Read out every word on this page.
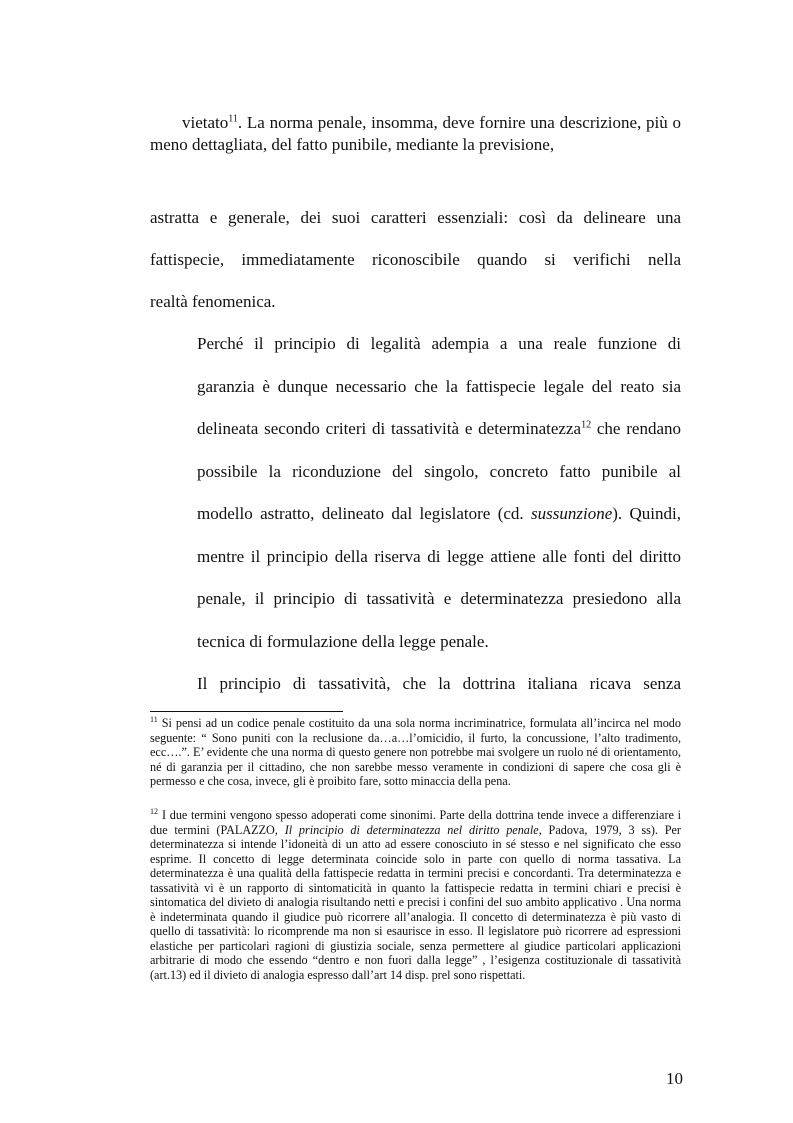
vietato$^{11}$. La norma penale, insomma, deve fornire una descrizione, più o meno dettagliata, del fatto punibile, mediante la previsione,
astratta e generale, dei suoi caratteri essenziali: così da delineare una
fattispecie, immediatamente riconoscibile quando si verifichi nella
realtà fenomenica.
Perché il principio di legalità adempia a una reale funzione di
garanzia è dunque necessario che la fattispecie legale del reato sia
delineata secondo criteri di tassatività e determinatezza$^{12}$ che rendano
possibile la riconduzione del singolo, concreto fatto punibile al
modello astratto, delineato dal legislatore (cd. sussunzione). Quindi,
mentre il principio della riserva di legge attiene alle fonti del diritto
penale, il principio di tassatività e determinatezza presiedono alla
tecnica di formulazione della legge penale.
Il principio di tassatività, che la dottrina italiana ricava senza
$^{11}$ Si pensi ad un codice penale costituito da una sola norma incriminatrice, formulata all’incirca nel modo seguente: “ Sono puniti con la reclusione da…a…l’omicidio, il furto, la concussione, l’alto tradimento, ecc….”. E’ evidente che una norma di questo genere non potrebbe mai svolgere un ruolo né di orientamento, né di garanzia per il cittadino, che non sarebbe messo veramente in condizioni di sapere che cosa gli è permesso e che cosa, invece, gli è proibito fare, sotto minaccia della pena.
$^{12}$ I due termini vengono spesso adoperati come sinonimi. Parte della dottrina tende invece a differenziare i due termini (PALAZZO, Il principio di determinatezza nel diritto penale, Padova, 1979, 3 ss). Per determinatezza si intende l’idoneità di un atto ad essere conosciuto in sé stesso e nel significato che esso esprime. Il concetto di legge determinata coincide solo in parte con quello di norma tassativa. La determinatezza è una qualità della fattispecie redatta in termini precisi e concordanti. Tra determinatezza e tassatività vi è un rapporto di sintomaticità in quanto la fattispecie redatta in termini chiari e precisi è sintomatica del divieto di analogia risultando netti e precisi i confini del suo ambito applicativo . Una norma è indeterminata quando il giudice può ricorrere all’analogia. Il concetto di determinatezza è più vasto di quello di tassatività: lo ricomprende ma non si esaurisce in esso. Il legislatore può ricorrere ad espressioni elastiche per particolari ragioni di giustizia sociale, senza permettere al giudice particolari applicazioni arbitrarie di modo che essendo “dentro e non fuori dalla legge” , l’esigenza costituzionale di tassatività (art.13) ed il divieto di analogia espresso dall’art 14 disp. prel sono rispettati.
10
